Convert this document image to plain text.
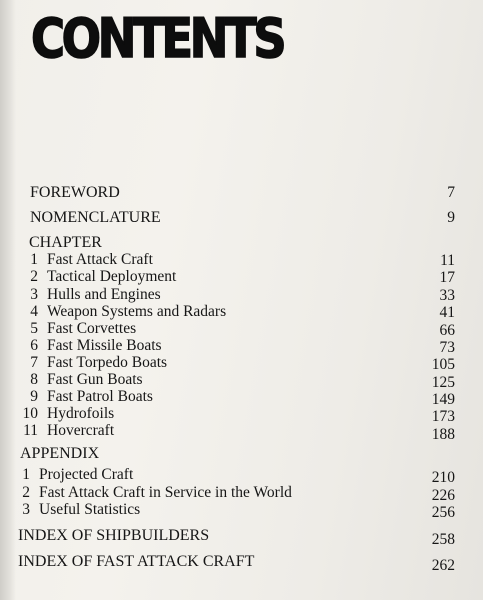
CONTENTS
FOREWORD	7
NOMENCLATURE	9
CHAPTER
1 Fast Attack Craft	11
2 Tactical Deployment	17
3 Hulls and Engines	33
4 Weapon Systems and Radars	41
5 Fast Corvettes	66
6 Fast Missile Boats	73
7 Fast Torpedo Boats	105
8 Fast Gun Boats	125
9 Fast Patrol Boats	149
10 Hydrofoils	173
11 Hovercraft	188
APPENDIX
1 Projected Craft	210
2 Fast Attack Craft in Service in the World	226
3 Useful Statistics	256
INDEX OF SHIPBUILDERS	258
INDEX OF FAST ATTACK CRAFT	262
